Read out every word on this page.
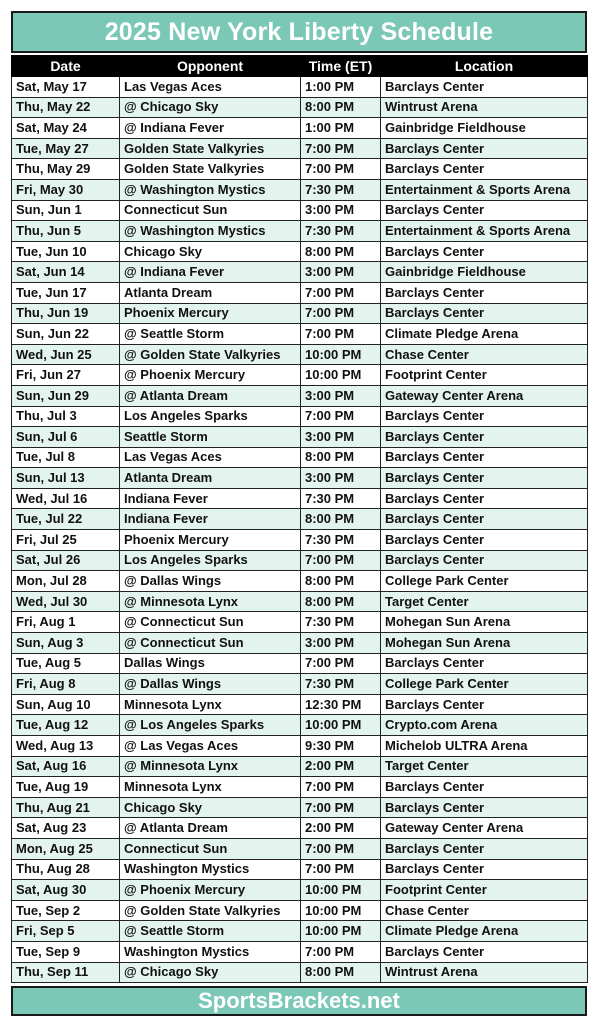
2025 New York Liberty Schedule
Date	Opponent	Time (ET)	Location
Sat, May 17	Las Vegas Aces	1:00 PM	Barclays Center
Thu, May 22	@ Chicago Sky	8:00 PM	Wintrust Arena
Sat, May 24	@ Indiana Fever	1:00 PM	Gainbridge Fieldhouse
Tue, May 27	Golden State Valkyries	7:00 PM	Barclays Center
Thu, May 29	Golden State Valkyries	7:00 PM	Barclays Center
Fri, May 30	@ Washington Mystics	7:30 PM	Entertainment & Sports Arena
Sun, Jun 1	Connecticut Sun	3:00 PM	Barclays Center
Thu, Jun 5	@ Washington Mystics	7:30 PM	Entertainment & Sports Arena
Tue, Jun 10	Chicago Sky	8:00 PM	Barclays Center
Sat, Jun 14	@ Indiana Fever	3:00 PM	Gainbridge Fieldhouse
Tue, Jun 17	Atlanta Dream	7:00 PM	Barclays Center
Thu, Jun 19	Phoenix Mercury	7:00 PM	Barclays Center
Sun, Jun 22	@ Seattle Storm	7:00 PM	Climate Pledge Arena
Wed, Jun 25	@ Golden State Valkyries	10:00 PM	Chase Center
Fri, Jun 27	@ Phoenix Mercury	10:00 PM	Footprint Center
Sun, Jun 29	@ Atlanta Dream	3:00 PM	Gateway Center Arena
Thu, Jul 3	Los Angeles Sparks	7:00 PM	Barclays Center
Sun, Jul 6	Seattle Storm	3:00 PM	Barclays Center
Tue, Jul 8	Las Vegas Aces	8:00 PM	Barclays Center
Sun, Jul 13	Atlanta Dream	3:00 PM	Barclays Center
Wed, Jul 16	Indiana Fever	7:30 PM	Barclays Center
Tue, Jul 22	Indiana Fever	8:00 PM	Barclays Center
Fri, Jul 25	Phoenix Mercury	7:30 PM	Barclays Center
Sat, Jul 26	Los Angeles Sparks	7:00 PM	Barclays Center
Mon, Jul 28	@ Dallas Wings	8:00 PM	College Park Center
Wed, Jul 30	@ Minnesota Lynx	8:00 PM	Target Center
Fri, Aug 1	@ Connecticut Sun	7:30 PM	Mohegan Sun Arena
Sun, Aug 3	@ Connecticut Sun	3:00 PM	Mohegan Sun Arena
Tue, Aug 5	Dallas Wings	7:00 PM	Barclays Center
Fri, Aug 8	@ Dallas Wings	7:30 PM	College Park Center
Sun, Aug 10	Minnesota Lynx	12:30 PM	Barclays Center
Tue, Aug 12	@ Los Angeles Sparks	10:00 PM	Crypto.com Arena
Wed, Aug 13	@ Las Vegas Aces	9:30 PM	Michelob ULTRA Arena
Sat, Aug 16	@ Minnesota Lynx	2:00 PM	Target Center
Tue, Aug 19	Minnesota Lynx	7:00 PM	Barclays Center
Thu, Aug 21	Chicago Sky	7:00 PM	Barclays Center
Sat, Aug 23	@ Atlanta Dream	2:00 PM	Gateway Center Arena
Mon, Aug 25	Connecticut Sun	7:00 PM	Barclays Center
Thu, Aug 28	Washington Mystics	7:00 PM	Barclays Center
Sat, Aug 30	@ Phoenix Mercury	10:00 PM	Footprint Center
Tue, Sep 2	@ Golden State Valkyries	10:00 PM	Chase Center
Fri, Sep 5	@ Seattle Storm	10:00 PM	Climate Pledge Arena
Tue, Sep 9	Washington Mystics	7:00 PM	Barclays Center
Thu, Sep 11	@ Chicago Sky	8:00 PM	Wintrust Arena
SportsBrackets.net
